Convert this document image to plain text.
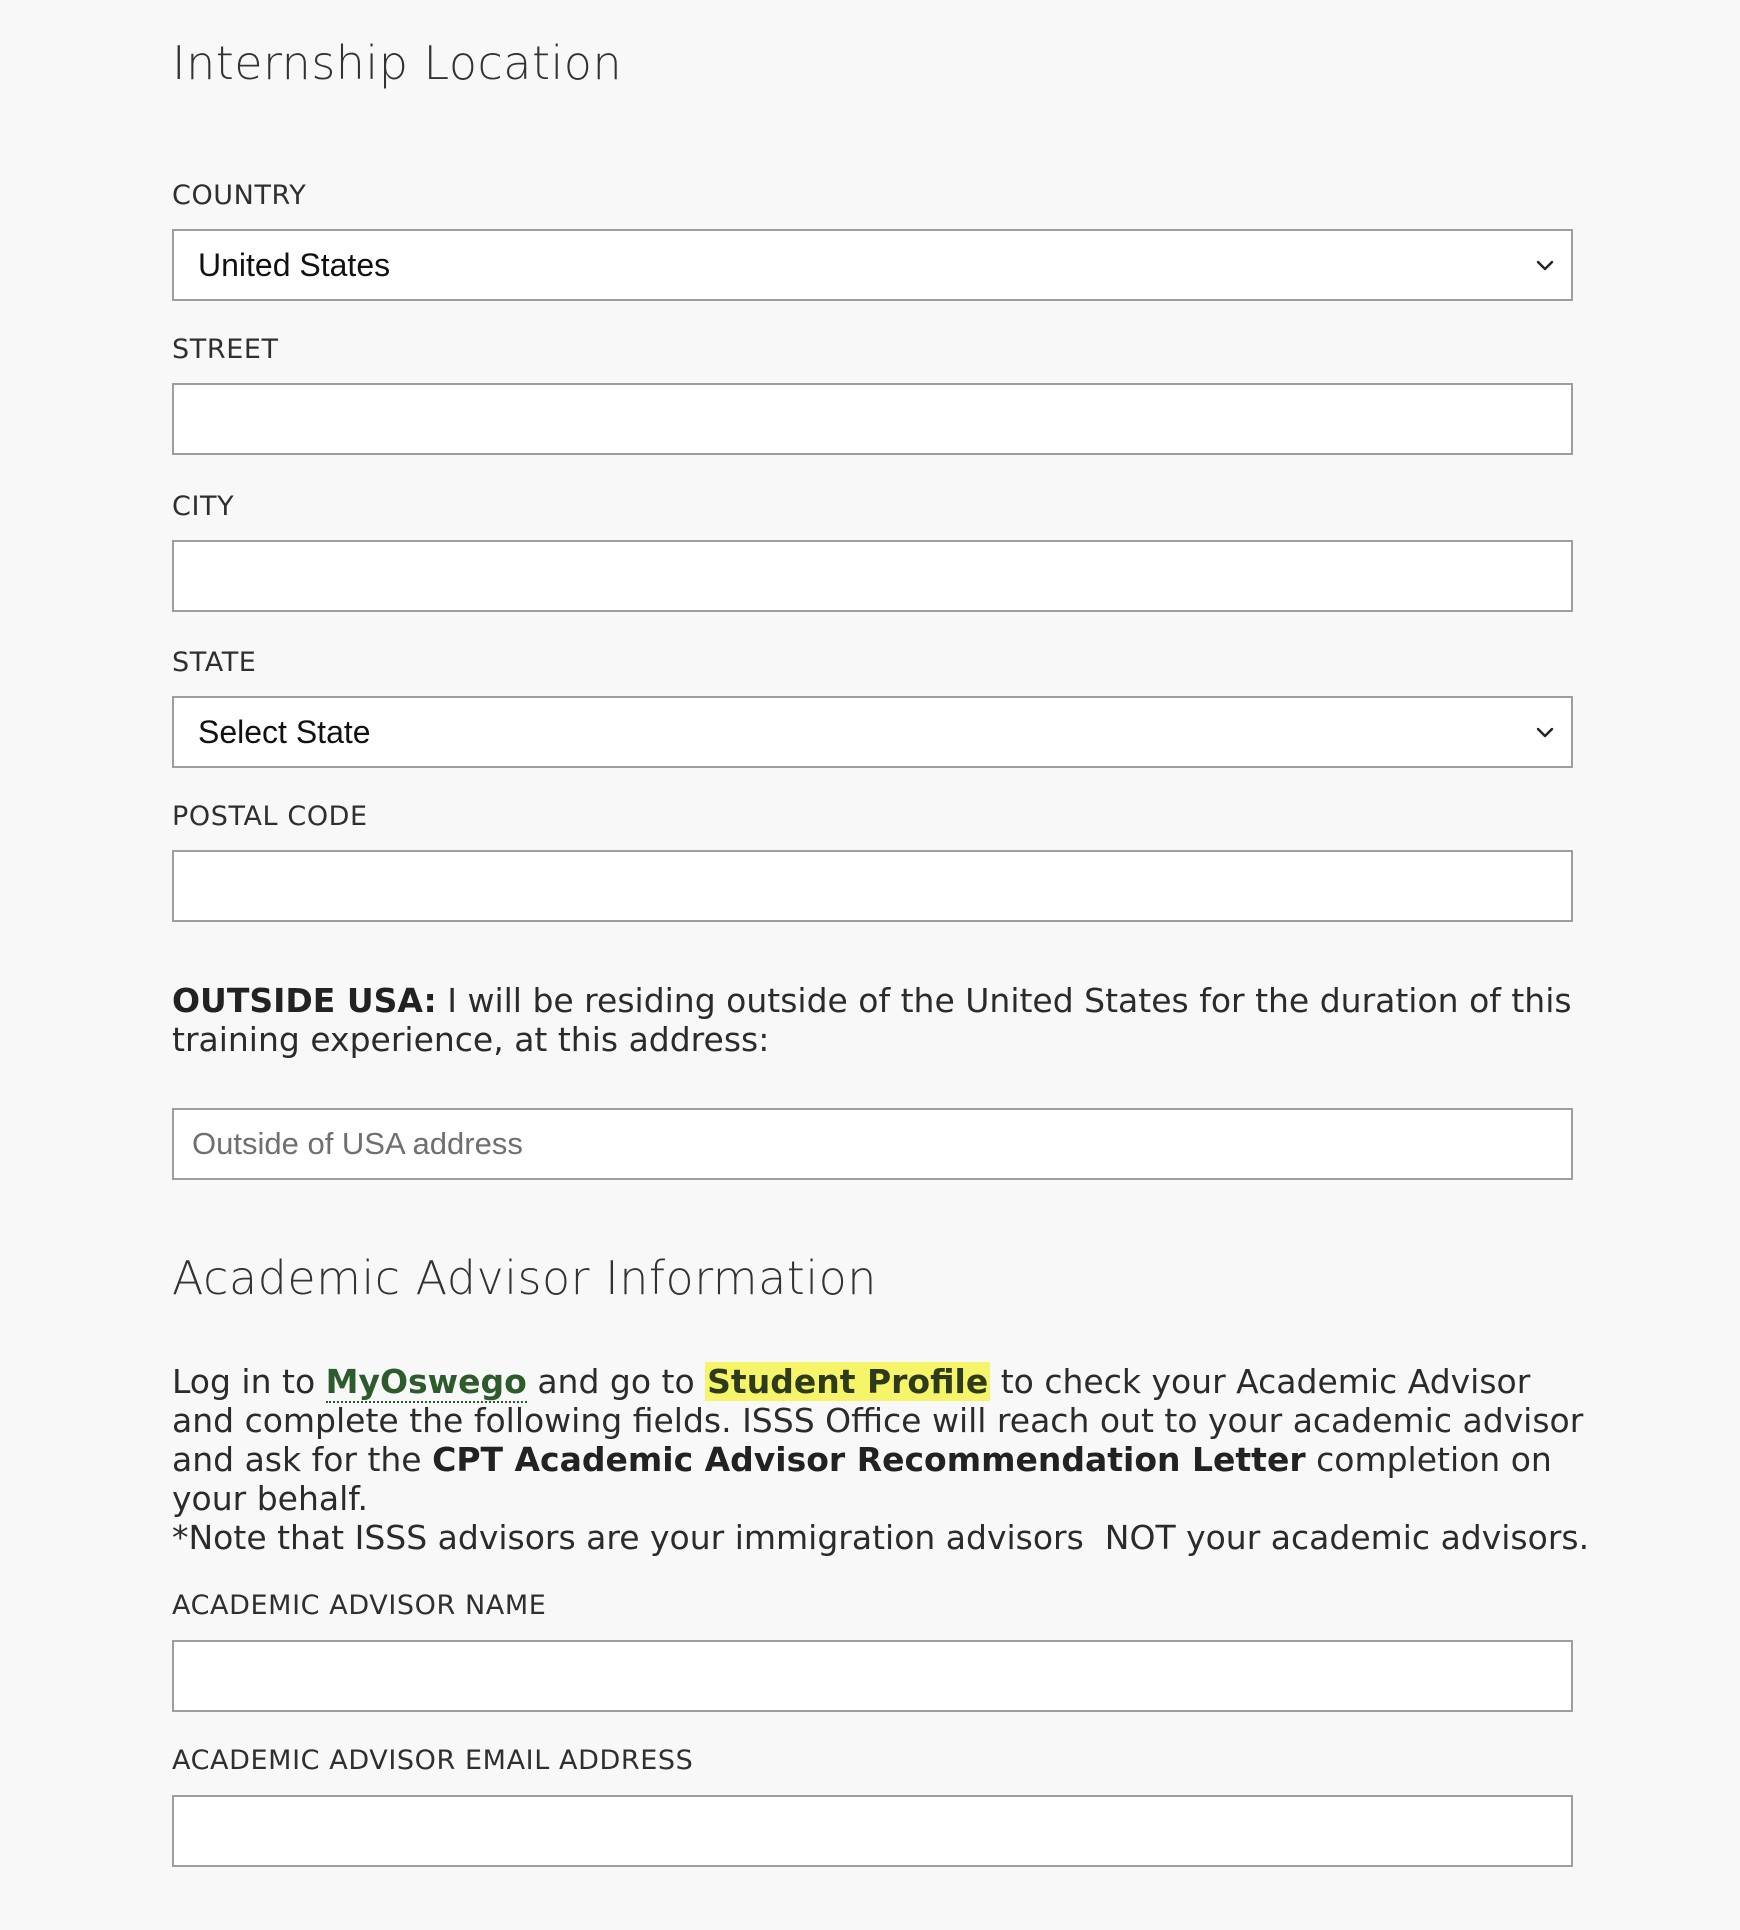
Internship Location
COUNTRY
United States
STREET
CITY
STATE
Select State
POSTAL CODE
OUTSIDE USA: I will be residing outside of the United States for the duration of this training experience, at this address:
Outside of USA address
Academic Advisor Information
Log in to MyOswego and go to Student Profile to check your Academic Advisor and complete the following fields. ISSS Office will reach out to your academic advisor and ask for the CPT Academic Advisor Recommendation Letter completion on your behalf.
*Note that ISSS advisors are your immigration advisors  NOT your academic advisors.
ACADEMIC ADVISOR NAME
ACADEMIC ADVISOR EMAIL ADDRESS
